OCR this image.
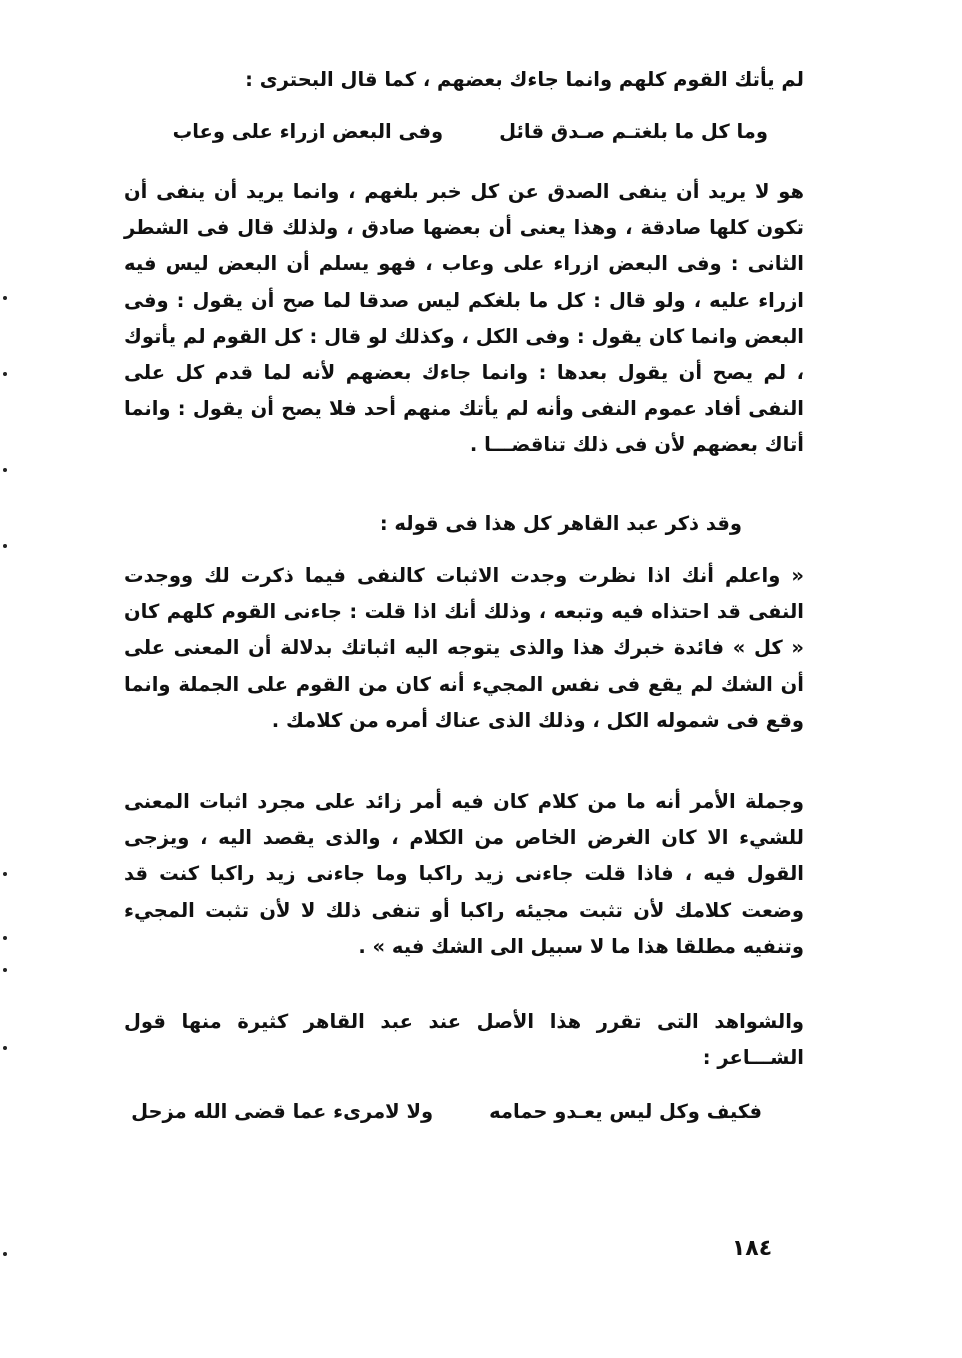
لم يأتك القوم كلهم وانما جاءك بعضهم ، كما قال البحترى :

وما كل ما بلغتـم صـدق قائل
وفى البعض ازراء على وعاب

هو لا يريد أن ينفى الصدق عن كل خبر بلغهم ، وانما يريد أن ينفى أن تكون كلها صادقة ، وهذا يعنى أن بعضها صادق ، ولذلك قال فى الشطر الثانى : وفى البعض ازراء على وعاب ، فهو يسلم أن البعض ليس فيه ازراء عليه ، ولو قال : كل ما بلغكم ليس صدقا لما صح أن يقول : وفى البعض وانما كان يقول : وفى الكل ، وكذلك لو قال : كل القوم لم يأتوك ، لم يصح أن يقول بعدها : وانما جاءك بعضهم لأنه لما قدم كل على النفى أفاد عموم النفى وأنه لم يأتك منهم أحد فلا يصح أن يقول : وانما أتاك بعضهم لأن فى ذلك تناقضـــا .

وقد ذكر عبد القاهر كل هذا فى قوله :

« واعلم أنك اذا نظرت وجدت الاثبات كالنفى فيما ذكرت لك ووجدت النفى قد احتذاه فيه وتبعه ، وذلك أنك اذا قلت : جاءنى القوم كلهم كان « كل » فائدة خبرك هذا والذى يتوجه اليه اثباتك بدلالة أن المعنى على أن الشك لم يقع فى نفس المجيء أنه كان من القوم على الجملة وانما وقع فى شموله الكل ، وذلك الذى عناك أمره من كلامك .

وجملة الأمر أنه ما من كلام كان فيه أمر زائد على مجرد اثبات المعنى للشيء الا كان الغرض الخاص من الكلام ، والذى يقصد اليه ، ويزجى القول فيه ، فاذا قلت جاءنى زيد راكبا وما جاءنى زيد راكبا كنت قد وضعت كلامك لأن تثبت مجيئه راكبا أو تنفى ذلك لا لأن تثبت المجيء وتنفيه مطلقا هذا ما لا سبيل الى الشك فيه » .

والشواهد التى تقرر هذا الأصل عند عبد القاهر كثيرة منها قول الشـــاعر :

فكيف وكل ليس يعـدو حمامه
ولا لامرىء عما قضى الله مزحل
١٨٤
